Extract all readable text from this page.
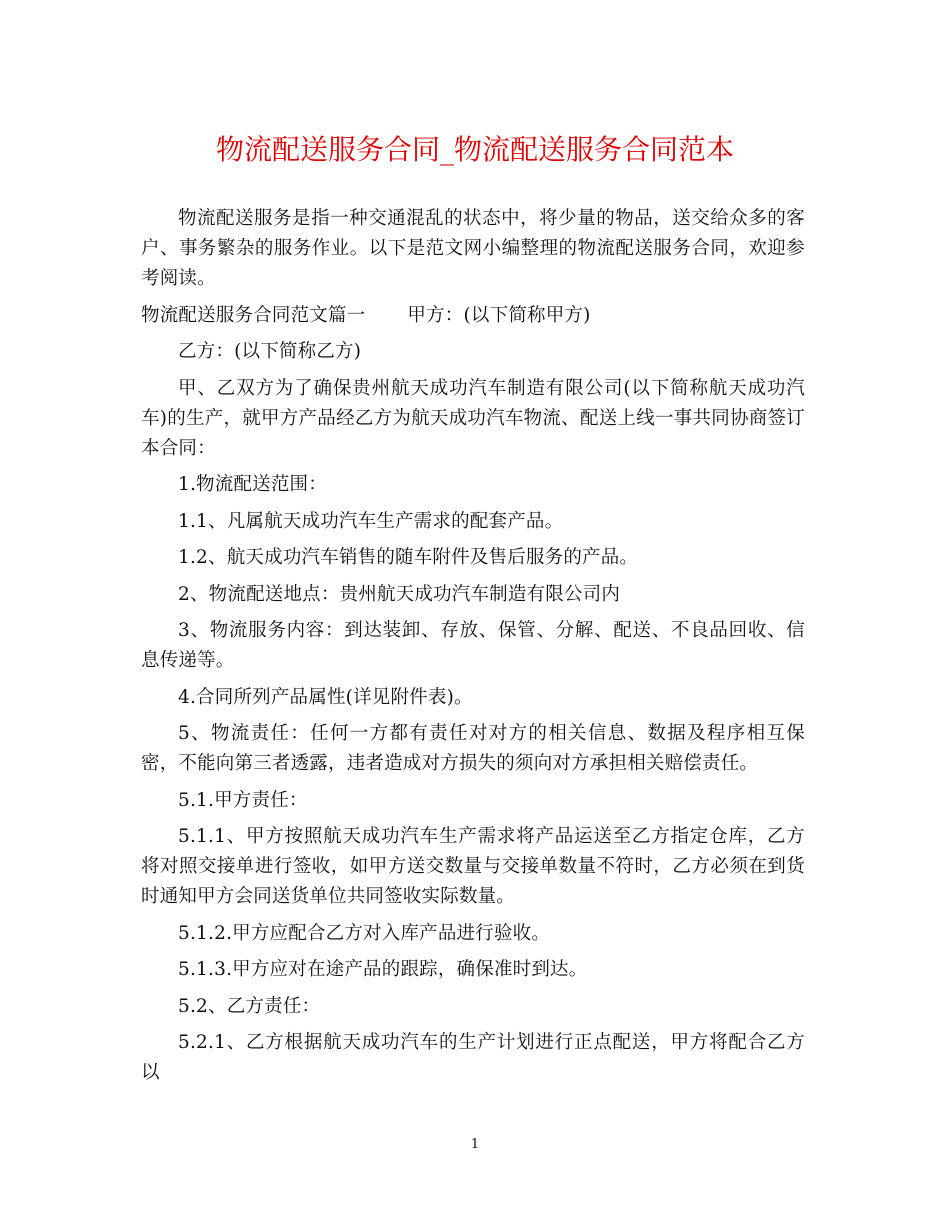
物流配送服务合同_物流配送服务合同范本

物流配送服务是指一种交通混乱的状态中，将少量的物品，送交给众多的客户、事务繁杂的服务作业。以下是范文网小编整理的物流配送服务合同，欢迎参考阅读。

物流配送服务合同范文篇一 甲方：(以下简称甲方)

乙方：(以下简称乙方)

甲、乙双方为了确保贵州航天成功汽车制造有限公司(以下简称航天成功汽车)的生产，就甲方产品经乙方为航天成功汽车物流、配送上线一事共同协商签订本合同：

1.物流配送范围：

1.1、凡属航天成功汽车生产需求的配套产品。

1.2、航天成功汽车销售的随车附件及售后服务的产品。

2、物流配送地点：贵州航天成功汽车制造有限公司内

3、物流服务内容：到达装卸、存放、保管、分解、配送、不良品回收、信息传递等。

4.合同所列产品属性(详见附件表)。

5、物流责任：任何一方都有责任对对方的相关信息、数据及程序相互保密，不能向第三者透露，违者造成对方损失的须向对方承担相关赔偿责任。

5.1.甲方责任：

5.1.1、甲方按照航天成功汽车生产需求将产品运送至乙方指定仓库，乙方将对照交接单进行签收，如甲方送交数量与交接单数量不符时，乙方必须在到货时通知甲方会同送货单位共同签收实际数量。

5.1.2.甲方应配合乙方对入库产品进行验收。

5.1.3.甲方应对在途产品的跟踪，确保准时到达。

5.2、乙方责任：

5.2.1、乙方根据航天成功汽车的生产计划进行正点配送，甲方将配合乙方以

1
